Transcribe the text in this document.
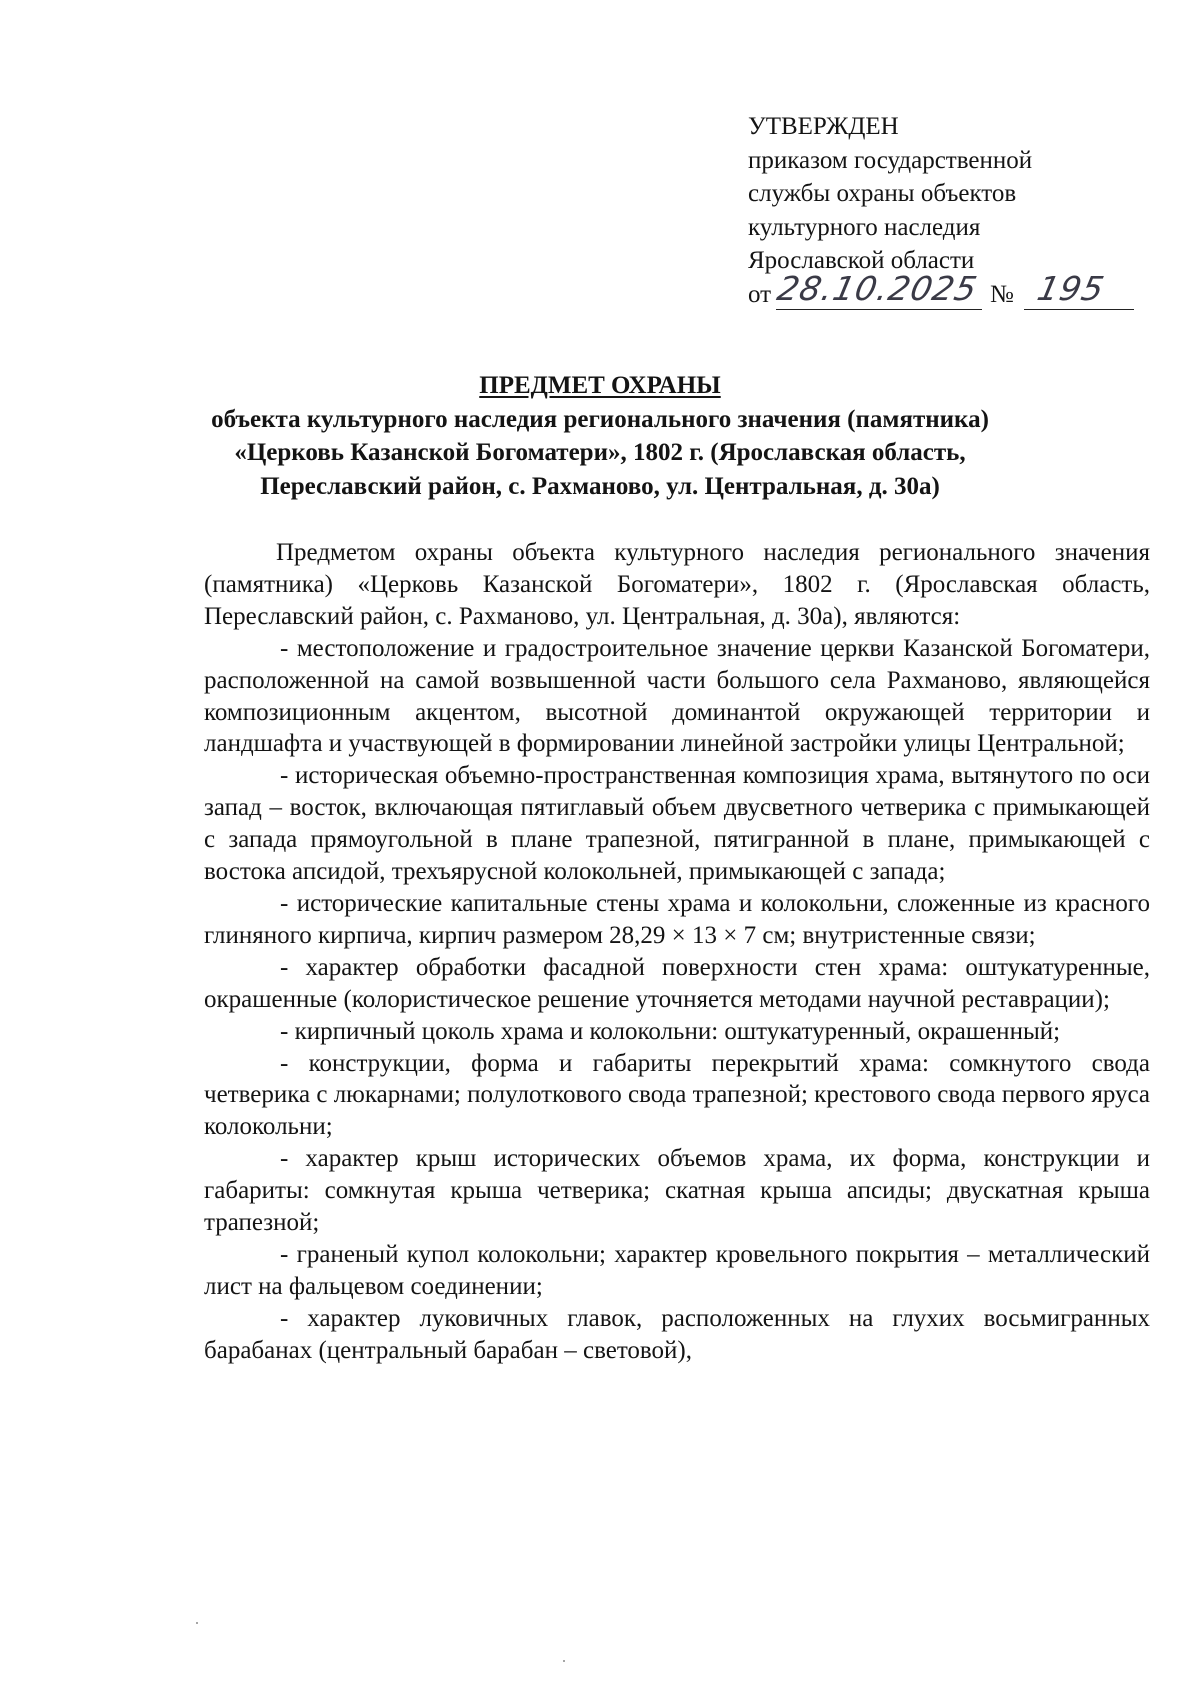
УТВЕРЖДЕН
приказом государственной
службы охраны объектов
культурного наследия
Ярославской области
от 28.10.2025 № 195
ПРЕДМЕТ ОХРАНЫ
объекта культурного наследия регионального значения (памятника)
«Церковь Казанской Богоматери», 1802 г. (Ярославская область,
Переславский район, с. Рахманово, ул. Центральная, д. 30а)

Предметом охраны объекта культурного наследия регионального значения (памятника) «Церковь Казанской Богоматери», 1802 г. (Ярославская область, Переславский район, с. Рахманово, ул. Центральная, д. 30а), являются:

- местоположение и градостроительное значение церкви Казанской Богоматери, расположенной на самой возвышенной части большого села Рахманово, являющейся композиционным акцентом, высотной доминантой окружающей территории и ландшафта и участвующей в формировании линейной застройки улицы Центральной;

- историческая объемно-пространственная композиция храма, вытянутого по оси запад – восток, включающая пятиглавый объем двусветного четверика с примыкающей с запада прямоугольной в плане трапезной, пятигранной в плане, примыкающей с востока апсидой, трехъярусной колокольней, примыкающей с запада;

- исторические капитальные стены храма и колокольни, сложенные из красного глиняного кирпича, кирпич размером 28,29 × 13 × 7 см; внутристенные связи;

- характер обработки фасадной поверхности стен храма: оштукатуренные, окрашенные (колористическое решение уточняется методами научной реставрации);

- кирпичный цоколь храма и колокольни: оштукатуренный, окрашенный;

- конструкции, форма и габариты перекрытий храма: сомкнутого свода четверика с люкарнами; полулоткового свода трапезной; крестового свода первого яруса колокольни;

- характер крыш исторических объемов храма, их форма, конструкции и габариты: сомкнутая крыша четверика; скатная крыша апсиды; двускатная крыша трапезной;

- граненый купол колокольни; характер кровельного покрытия – металлический лист на фальцевом соединении;

- характер луковичных главок, расположенных на глухих восьмигранных барабанах (центральный барабан – световой),
